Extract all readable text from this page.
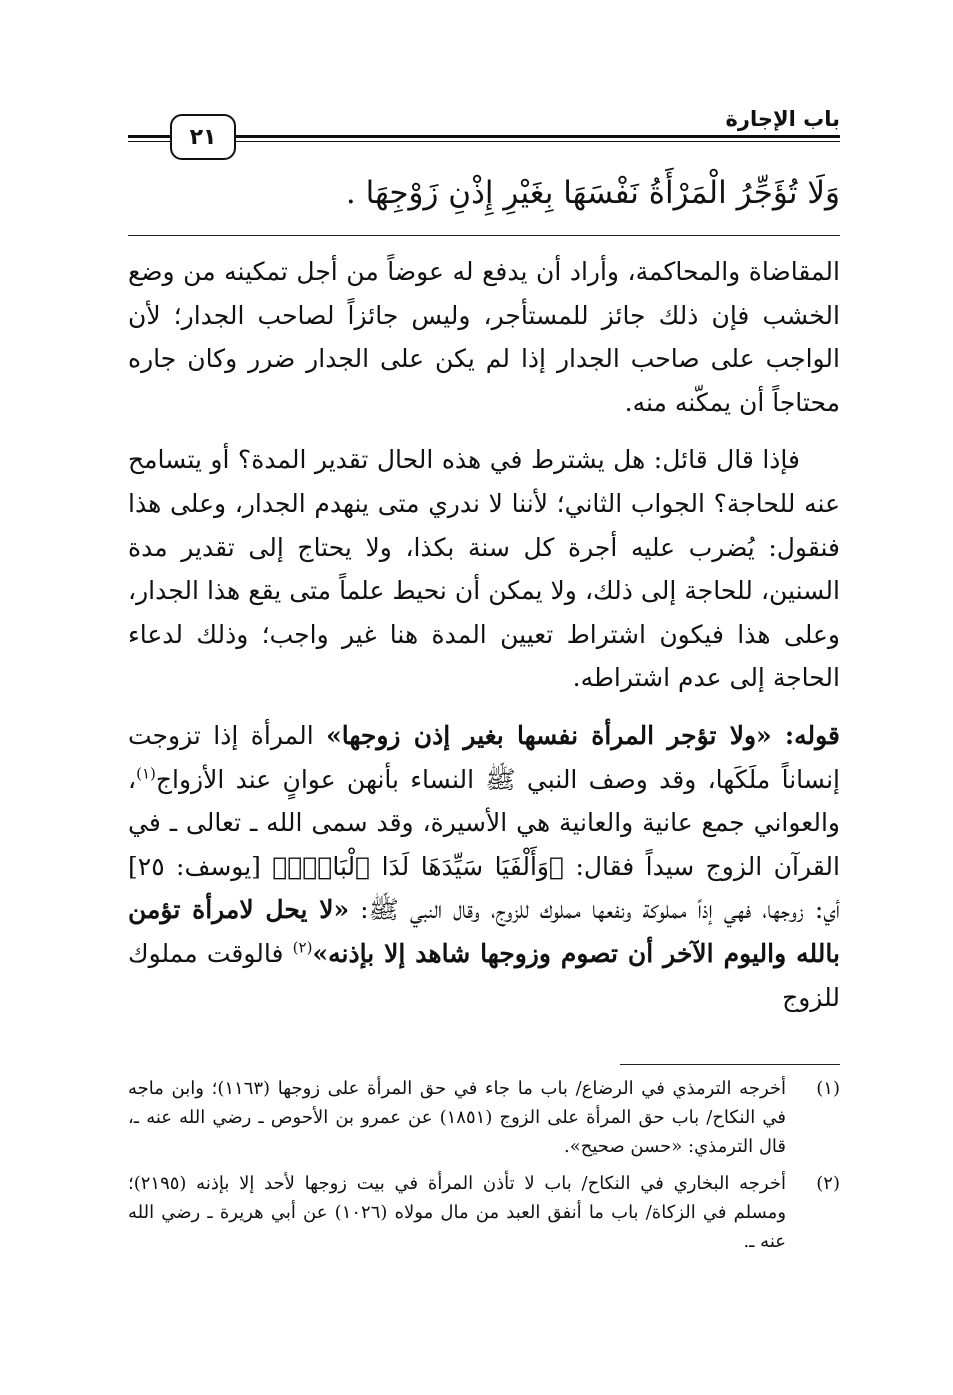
٢١
باب الإجارة
وَلَا تُؤَجِّرُ الْمَرْأَةُ نَفْسَهَا بِغَيْرِ إِذْنِ زَوْجِهَا .

المقاضاة والمحاكمة، وأراد أن يدفع له عوضاً من أجل تمكينه من وضع الخشب فإن ذلك جائز للمستأجر، وليس جائزاً لصاحب الجدار؛ لأن الواجب على صاحب الجدار إذا لم يكن على الجدار ضرر وكان جاره محتاجاً أن يمكّنه منه.

فإذا قال قائل: هل يشترط في هذه الحال تقدير المدة؟ أو يتسامح عنه للحاجة؟ الجواب الثاني؛ لأننا لا ندري متى ينهدم الجدار، وعلى هذا فنقول: يُضرب عليه أجرة كل سنة بكذا، ولا يحتاج إلى تقدير مدة السنين، للحاجة إلى ذلك، ولا يمكن أن نحيط علماً متى يقع هذا الجدار، وعلى هذا فيكون اشتراط تعيين المدة هنا غير واجب؛ وذلك لدعاء الحاجة إلى عدم اشتراطه.

قوله: «ولا تؤجر المرأة نفسها بغير إذن زوجها» المرأة إذا تزوجت إنساناً ملَكَها، وقد وصف النبي ﷺ النساء بأنهن عوانٍ عند الأزواج$^{(١)}$، والعواني جمع عانية والعانية هي الأسيرة، وقد سمى الله ـ تعالى ـ في القرآن الزوج سيداً فقال: ﴿وَأَلْفَيَا سَيِّدَهَا لَدَا ٱلْبَابِۚ﴾ [يوسف: ٢٥] أي: زوجها، فهي إذاً مملوكة ونفعها مملوك للزوج، وقال النبي ﷺ: «لا يحل لامرأة تؤمن بالله واليوم الآخر أن تصوم وزوجها شاهد إلا بإذنه»$^{(٢)}$ فالوقت مملوك للزوج

(١)
أخرجه الترمذي في الرضاع/ باب ما جاء في حق المرأة على زوجها (١١٦٣)؛ وابن ماجه في النكاح/ باب حق المرأة على الزوج (١٨٥١) عن عمرو بن الأحوص ـ رضي الله عنه ـ، قال الترمذي: «حسن صحيح».
(٢)
أخرجه البخاري في النكاح/ باب لا تأذن المرأة في بيت زوجها لأحد إلا بإذنه (٢١٩٥)؛ ومسلم في الزكاة/ باب ما أنفق العبد من مال مولاه (١٠٢٦) عن أبي هريرة ـ رضي الله عنه ـ.
